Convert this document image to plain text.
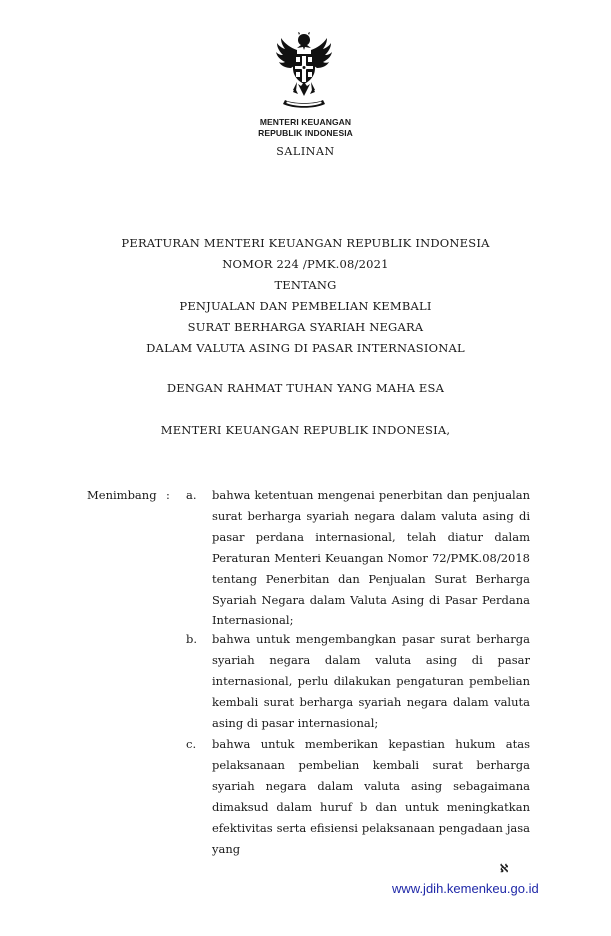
MENTERI KEUANGAN
REPUBLIK INDONESIA
SALINAN
PERATURAN MENTERI KEUANGAN REPUBLIK INDONESIA
NOMOR 224 /PMK.08/2021
TENTANG
PENJUALAN DAN PEMBELIAN KEMBALI
SURAT BERHARGA SYARIAH NEGARA
DALAM VALUTA ASING DI PASAR INTERNASIONAL
DENGAN RAHMAT TUHAN YANG MAHA ESA
MENTERI KEUANGAN REPUBLIK INDONESIA,
Menimbang : a. bahwa ketentuan mengenai penerbitan dan penjualan surat berharga syariah negara dalam valuta asing di pasar perdana internasional, telah diatur dalam Peraturan Menteri Keuangan Nomor 72/PMK.08/2018 tentang Penerbitan dan Penjualan Surat Berharga Syariah Negara dalam Valuta Asing di Pasar Perdana Internasional;

b. bahwa untuk mengembangkan pasar surat berharga syariah negara dalam valuta asing di pasar internasional, perlu dilakukan pengaturan pembelian kembali surat berharga syariah negara dalam valuta asing di pasar internasional;

c. bahwa untuk memberikan kepastian hukum atas pelaksanaan pembelian kembali surat berharga syariah negara dalam valuta asing sebagaimana dimaksud dalam huruf b dan untuk meningkatkan efektivitas serta efisiensi pelaksanaan pengadaan jasa yang

ℵ
www.jdih.kemenkeu.go.id
